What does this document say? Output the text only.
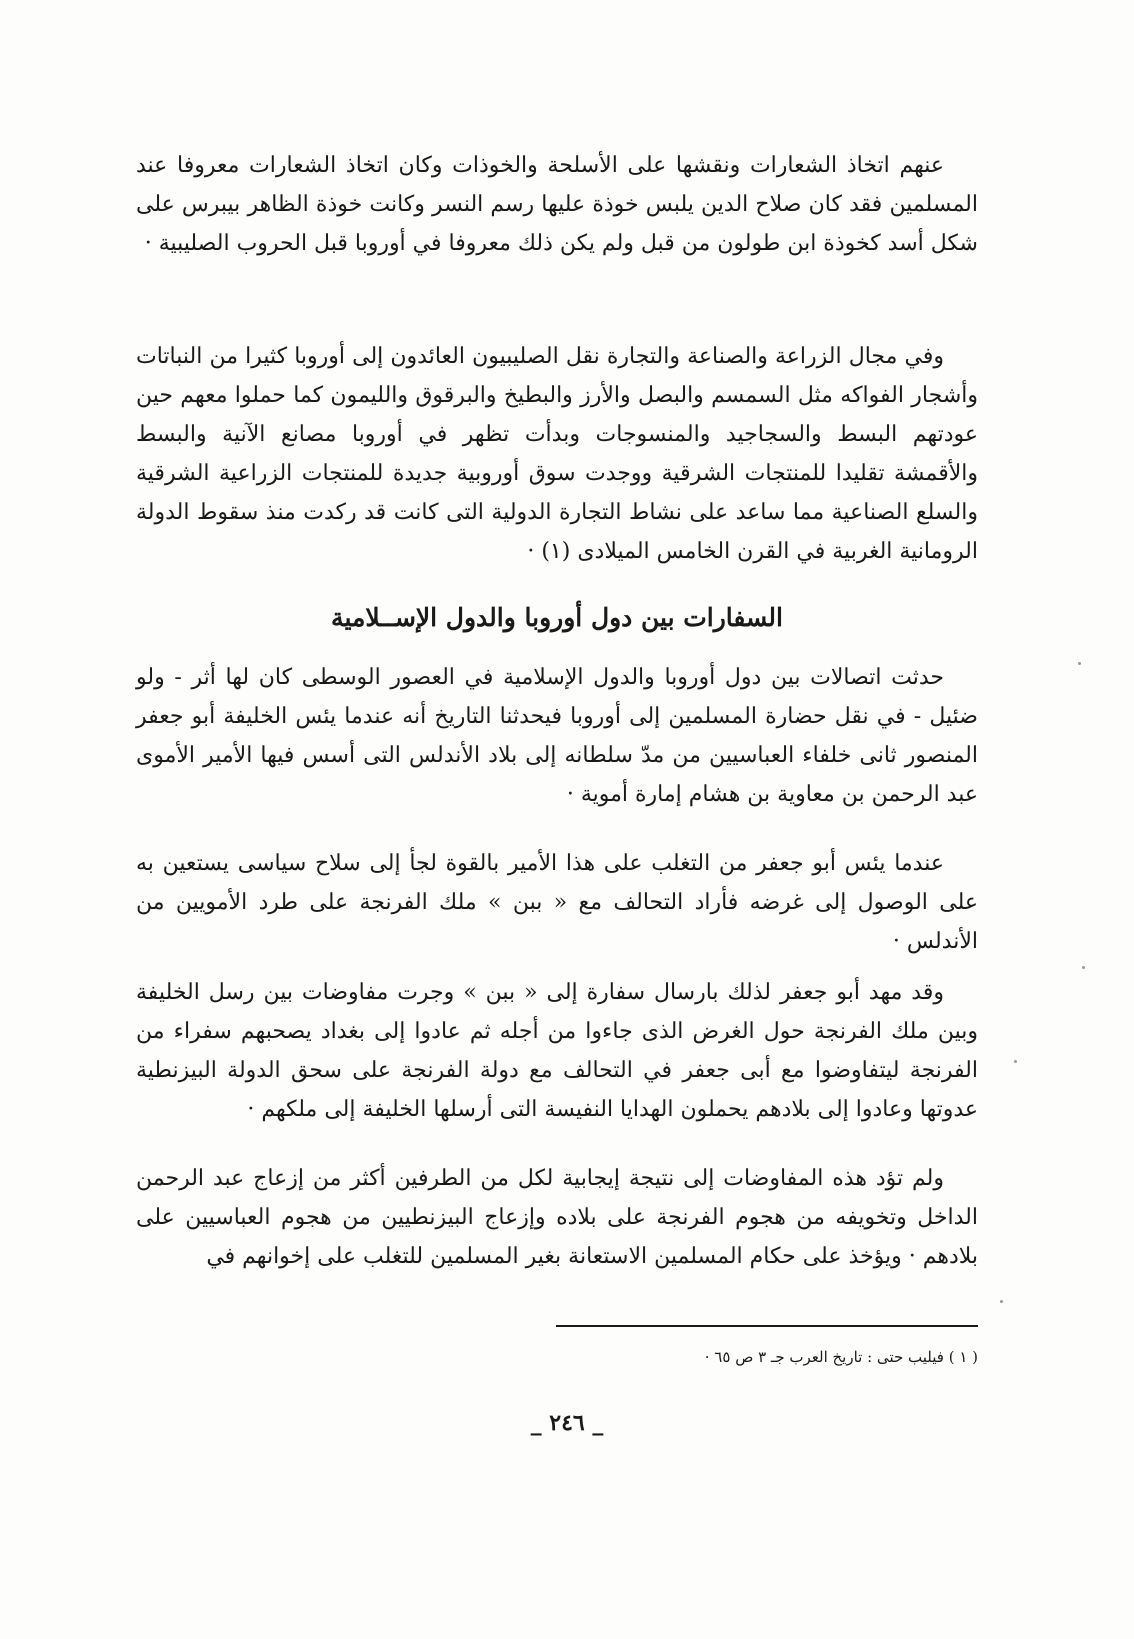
عنهم اتخاذ الشعارات ونقشها على الأسلحة والخوذات وكان اتخاذ الشعارات معروفا عند المسلمين فقد كان صلاح الدين يلبس خوذة عليها رسم النسر وكانت خوذة الظاهر بيبرس على شكل أسد كخوذة ابن طولون من قبل ولم يكن ذلك معروفا في أوروبا قبل الحروب الصليبية ·

وفي مجال الزراعة والصناعة والتجارة نقل الصليبيون العائدون إلى أوروبا كثيرا من النباتات وأشجار الفواكه مثل السمسم والبصل والأرز والبطيخ والبرقوق والليمون كما حملوا معهم حين عودتهم البسط والسجاجيد والمنسوجات وبدأت تظهر في أوروبا مصانع الآنية والبسط والأقمشة تقليدا للمنتجات الشرقية ووجدت سوق أوروبية جديدة للمنتجات الزراعية الشرقية والسلع الصناعية مما ساعد على نشاط التجارة الدولية التى كانت قد ركدت منذ سقوط الدولة الرومانية الغربية في القرن الخامس الميلادى (١) ·

السفارات بين دول أوروبا والدول الإســلامية

حدثت اتصالات بين دول أوروبا والدول الإسلامية في العصور الوسطى كان لها أثر - ولو ضئيل - في نقل حضارة المسلمين إلى أوروبا فيحدثنا التاريخ أنه عندما يئس الخليفة أبو جعفر المنصور ثانى خلفاء العباسيين من مدّ سلطانه إلى بلاد الأندلس التى أسس فيها الأمير الأموى عبد الرحمن بن معاوية بن هشام إمارة أموية ·

عندما يئس أبو جعفر من التغلب على هذا الأمير بالقوة لجأ إلى سلاح سياسى يستعين به على الوصول إلى غرضه فأراد التحالف مع « ببن » ملك الفرنجة على طرد الأمويين من الأندلس ·

وقد مهد أبو جعفر لذلك بارسال سفارة إلى « ببن » وجرت مفاوضات بين رسل الخليفة وبين ملك الفرنجة حول الغرض الذى جاءوا من أجله ثم عادوا إلى بغداد يصحبهم سفراء من الفرنجة ليتفاوضوا مع أبى جعفر في التحالف مع دولة الفرنجة على سحق الدولة البيزنطية عدوتها وعادوا إلى بلادهم يحملون الهدايا النفيسة التى أرسلها الخليفة إلى ملكهم ·

ولم تؤد هذه المفاوضات إلى نتيجة إيجابية لكل من الطرفين أكثر من إزعاج عبد الرحمن الداخل وتخويفه من هجوم الفرنجة على بلاده وإزعاج البيزنطيين من هجوم العباسيين على بلادهم · ويؤخذ على حكام المسلمين الاستعانة بغير المسلمين للتغلب على إخوانهم في

( ١ ) فيليب حتى : تاريخ العرب جـ ٣ ص ٦٥ ·

_ ٢٤٦ _
